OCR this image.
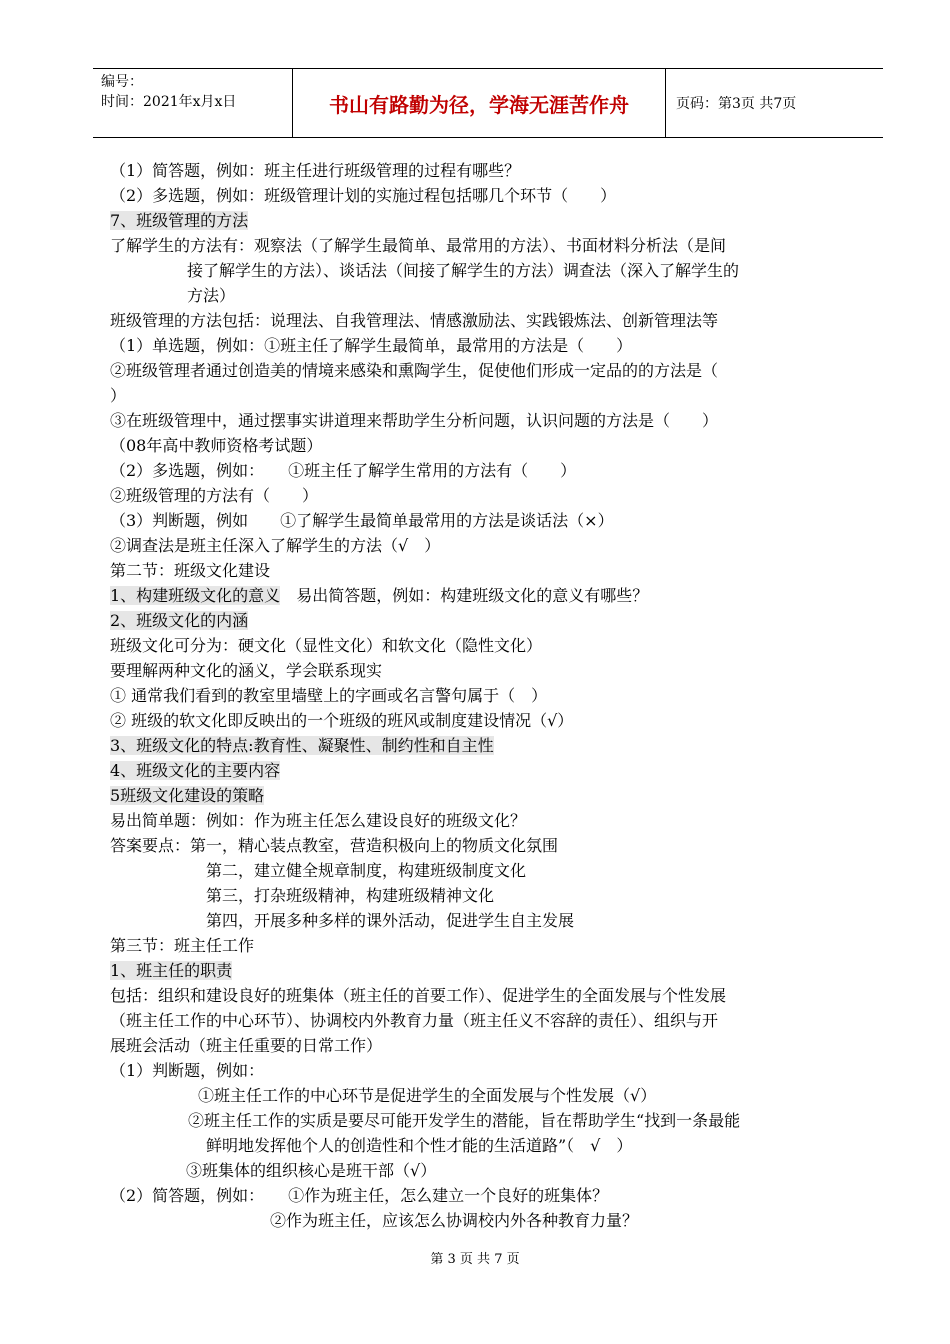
编号：
时间：2021年x月x日	书山有路勤为径，学海无涯苦作舟	页码：第3页 共7页
（1）简答题，例如：班主任进行班级管理的过程有哪些？
（2）多选题，例如：班级管理计划的实施过程包括哪几个环节（　　）
7、班级管理的方法
了解学生的方法有：观察法（了解学生最简单、最常用的方法）、书面材料分析法（是间
接了解学生的方法）、谈话法（间接了解学生的方法）调查法（深入了解学生的
方法）
班级管理的方法包括：说理法、自我管理法、情感激励法、实践锻炼法、创新管理法等
（1）单选题，例如：①班主任了解学生最简单，最常用的方法是（　　）
②班级管理者通过创造美的情境来感染和熏陶学生，促使他们形成一定品的的方法是（
）
③在班级管理中，通过摆事实讲道理来帮助学生分析问题，认识问题的方法是（　　）
（08年高中教师资格考试题）
（2）多选题，例如：　　①班主任了解学生常用的方法有（　　）
②班级管理的方法有（　　）
（3）判断题，例如　　①了解学生最简单最常用的方法是谈话法（×）
②调查法是班主任深入了解学生的方法（√　）
第二节：班级文化建设
1、构建班级文化的意义　易出简答题，例如：构建班级文化的意义有哪些？
2、班级文化的内涵
班级文化可分为：硬文化（显性文化）和软文化（隐性文化）
要理解两种文化的涵义，学会联系现实
① 通常我们看到的教室里墙壁上的字画或名言警句属于（　）
② 班级的软文化即反映出的一个班级的班风或制度建设情况（√）
3、班级文化的特点:教育性、凝聚性、制约性和自主性
4、班级文化的主要内容
5班级文化建设的策略
易出简单题：例如：作为班主任怎么建设良好的班级文化？
答案要点：第一，精心装点教室，营造积极向上的物质文化氛围
第二，建立健全规章制度，构建班级制度文化
第三，打杂班级精神，构建班级精神文化
第四，开展多种多样的课外活动，促进学生自主发展
第三节：班主任工作
1、班主任的职责
包括：组织和建设良好的班集体（班主任的首要工作）、促进学生的全面发展与个性发展
（班主任工作的中心环节）、协调校内外教育力量（班主任义不容辞的责任）、组织与开
展班会活动（班主任重要的日常工作）
（1）判断题，例如：
①班主任工作的中心环节是促进学生的全面发展与个性发展（√）
②班主任工作的实质是要尽可能开发学生的潜能，旨在帮助学生“找到一条最能
鲜明地发挥他个人的创造性和个性才能的生活道路”（　√　）
③班集体的组织核心是班干部（√）
（2）简答题，例如：　　①作为班主任，怎么建立一个良好的班集体？
②作为班主任，应该怎么协调校内外各种教育力量？
第 3 页 共 7 页
